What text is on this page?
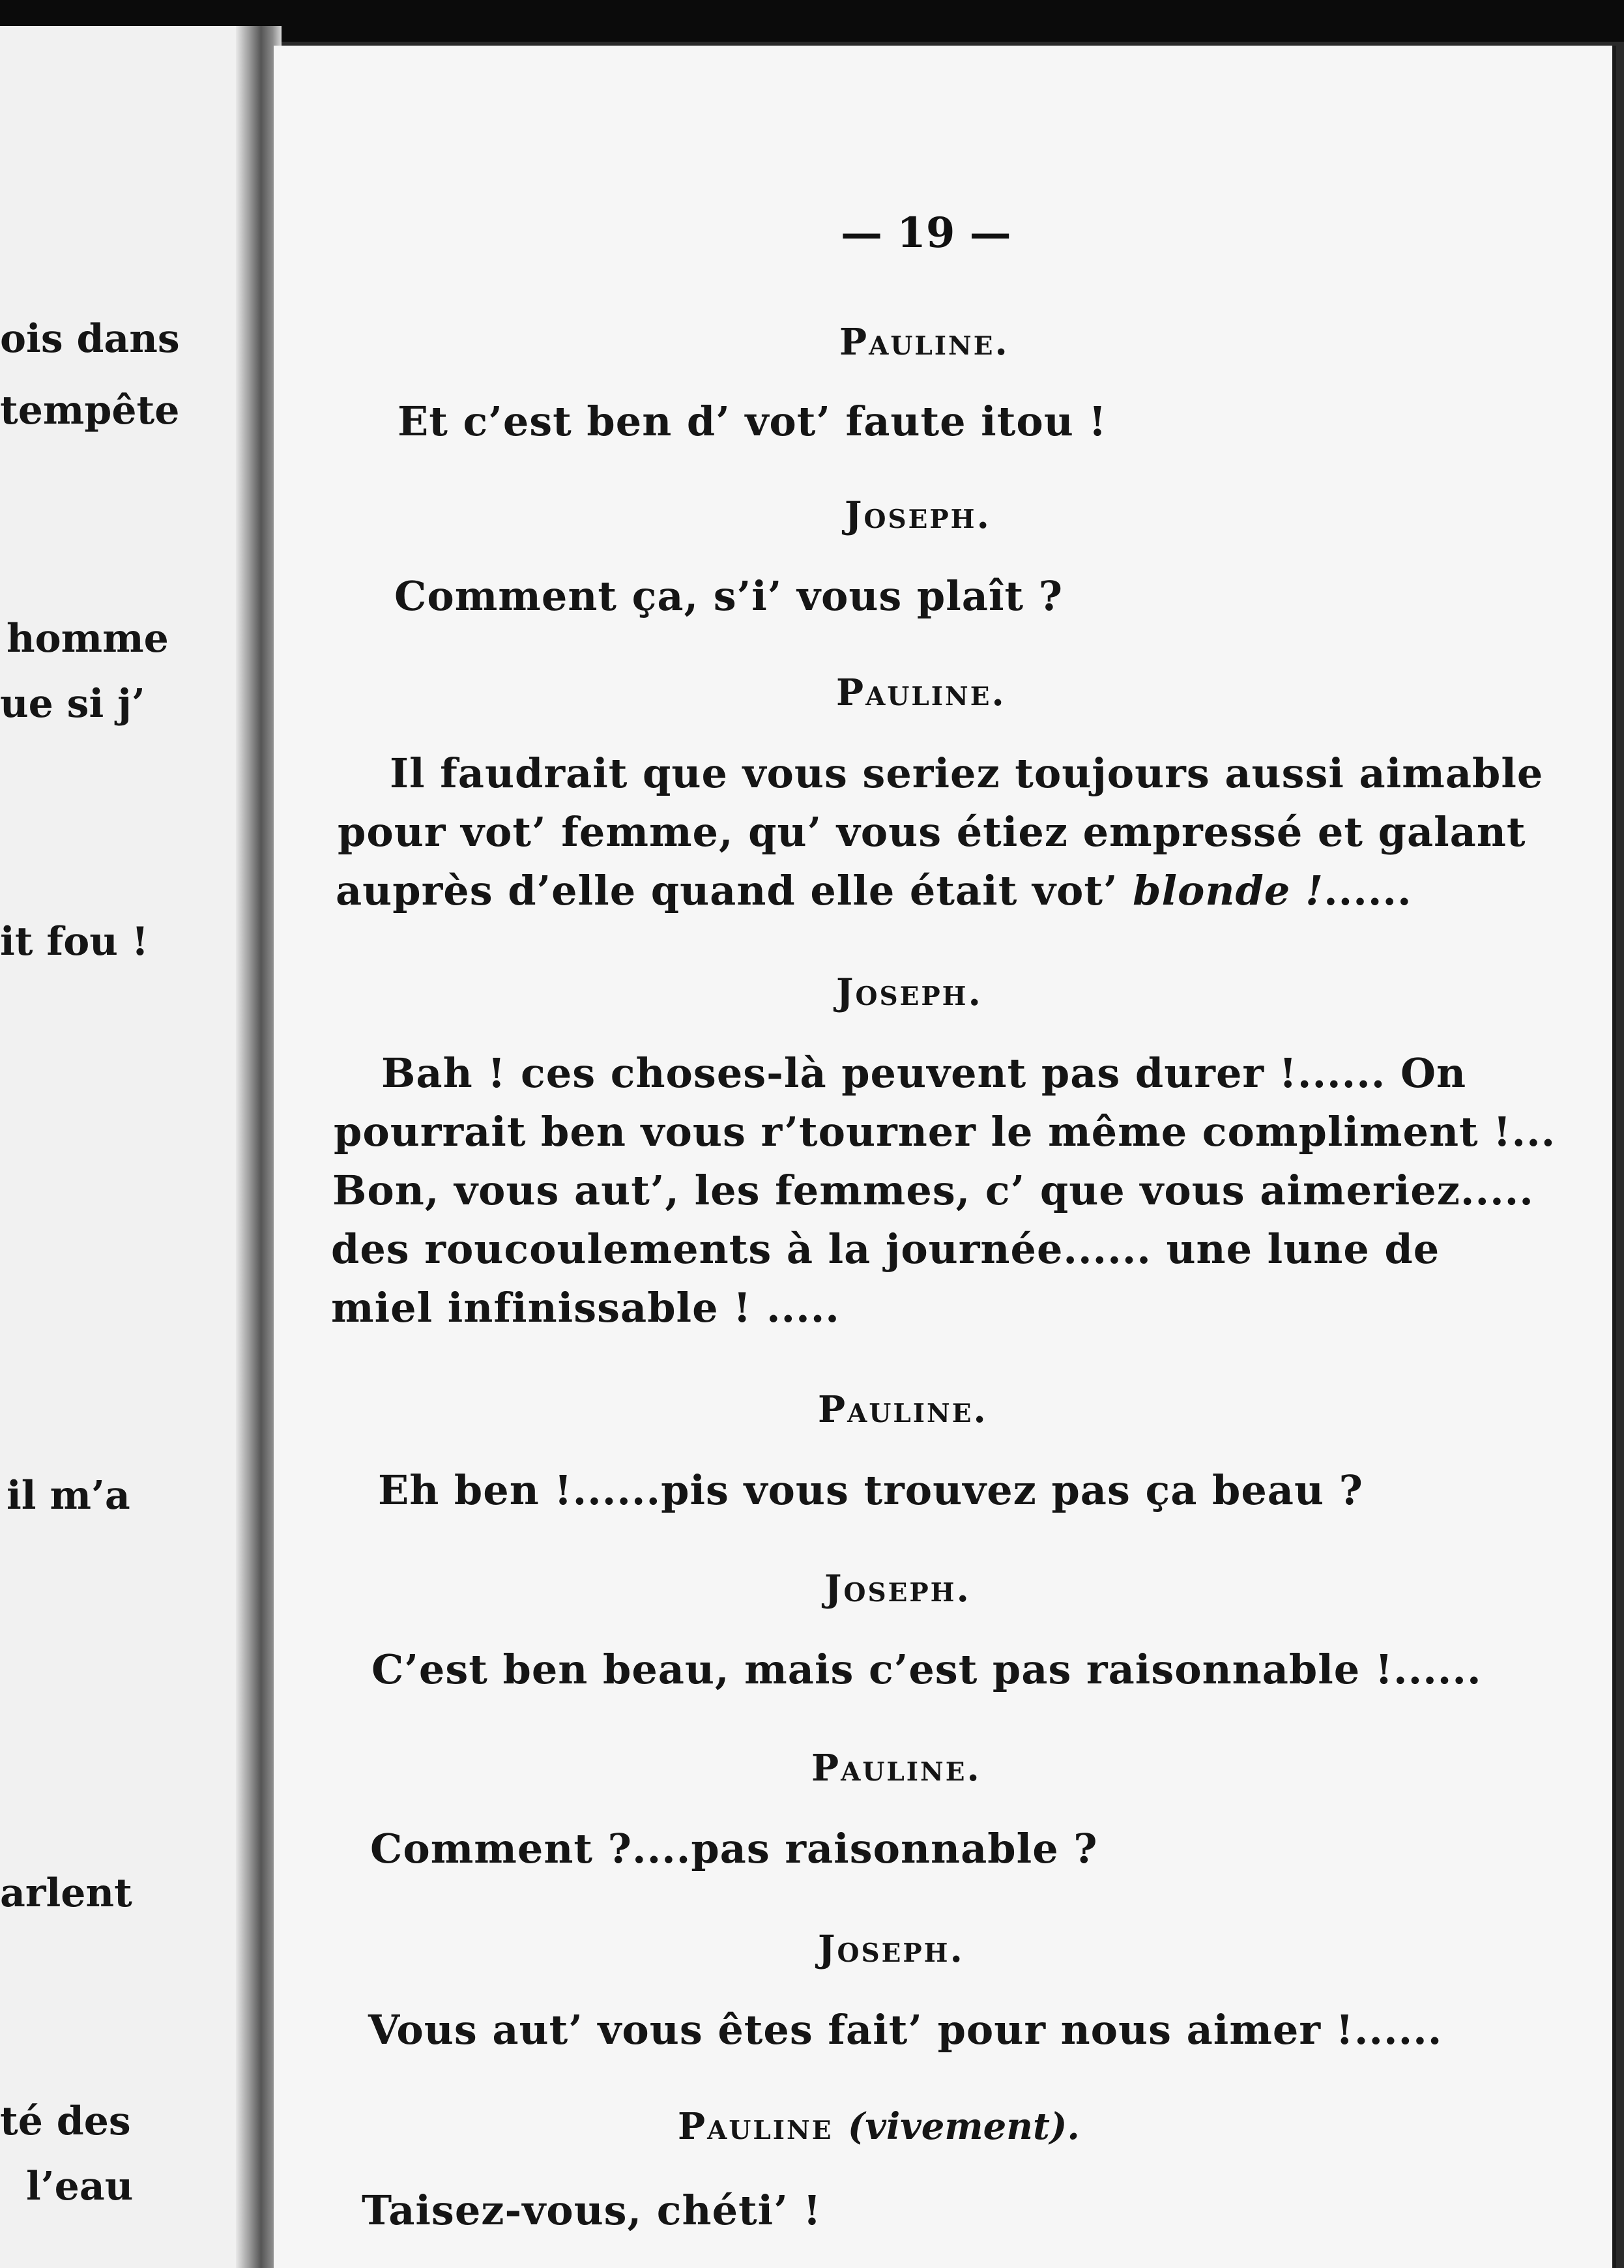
ois dans
tempête
homme
ue si j’
it fou !
il m’a
arlent
té des
l’eau
— 19 —
Pauline.
Et c’est ben d’ vot’ faute itou !
Joseph.
Comment ça, s’i’ vous plaît ?
Pauline.
Il faudrait que vous seriez toujours aussi aimable
pour vot’ femme, qu’ vous étiez empressé et galant
auprès d’elle quand elle était vot’ blonde !......
Joseph.
Bah ! ces choses-là peuvent pas durer !...... On
pourrait ben vous r’tourner le même compliment !...
Bon, vous aut’, les femmes, c’ que vous aimeriez.....
des roucoulements à la journée...... une lune de
miel infinissable ! .....
Pauline.
Eh ben !......pis vous trouvez pas ça beau ?
Joseph.
C’est ben beau, mais c’est pas raisonnable !......
Pauline.
Comment ?....pas raisonnable ?
Joseph.
Vous aut’ vous êtes fait’ pour nous aimer !......
Pauline (vivement).
Taisez-vous, chéti’ !
